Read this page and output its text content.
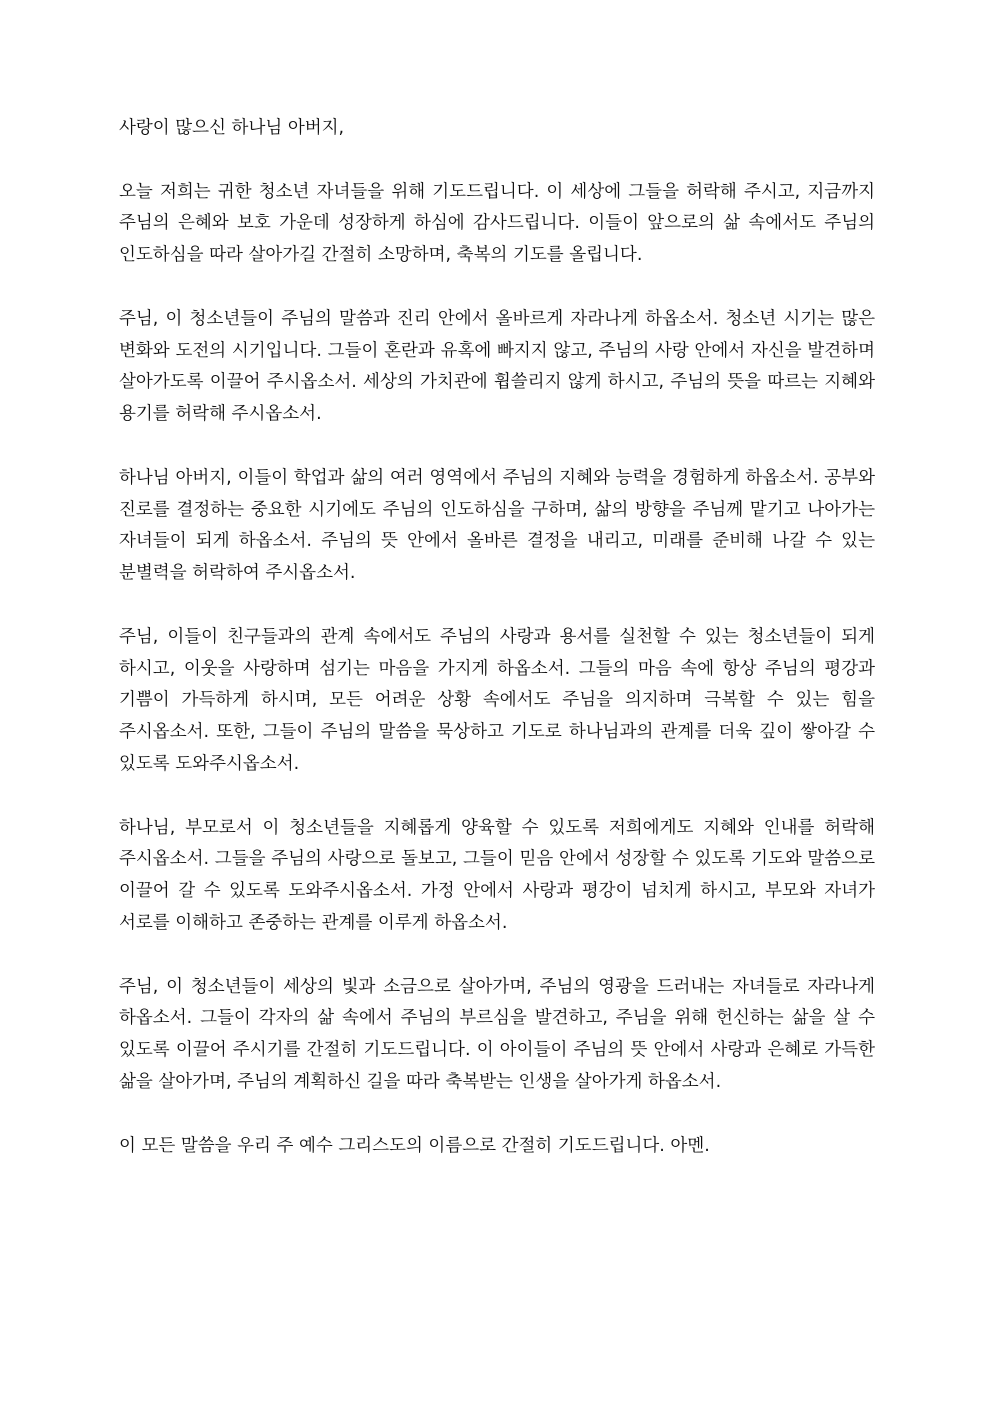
사랑이 많으신 하나님 아버지,

오늘 저희는 귀한 청소년 자녀들을 위해 기도드립니다. 이 세상에 그들을 허락해 주시고, 지금까지 주님의 은혜와 보호 가운데 성장하게 하심에 감사드립니다. 이들이 앞으로의 삶 속에서도 주님의 인도하심을 따라 살아가길 간절히 소망하며, 축복의 기도를 올립니다.

주님, 이 청소년들이 주님의 말씀과 진리 안에서 올바르게 자라나게 하옵소서. 청소년 시기는 많은 변화와 도전의 시기입니다. 그들이 혼란과 유혹에 빠지지 않고, 주님의 사랑 안에서 자신을 발견하며 살아가도록 이끌어 주시옵소서. 세상의 가치관에 휩쓸리지 않게 하시고, 주님의 뜻을 따르는 지혜와 용기를 허락해 주시옵소서.

하나님 아버지, 이들이 학업과 삶의 여러 영역에서 주님의 지혜와 능력을 경험하게 하옵소서. 공부와 진로를 결정하는 중요한 시기에도 주님의 인도하심을 구하며, 삶의 방향을 주님께 맡기고 나아가는 자녀들이 되게 하옵소서. 주님의 뜻 안에서 올바른 결정을 내리고, 미래를 준비해 나갈 수 있는 분별력을 허락하여 주시옵소서.

주님, 이들이 친구들과의 관계 속에서도 주님의 사랑과 용서를 실천할 수 있는 청소년들이 되게 하시고, 이웃을 사랑하며 섬기는 마음을 가지게 하옵소서. 그들의 마음 속에 항상 주님의 평강과 기쁨이 가득하게 하시며, 모든 어려운 상황 속에서도 주님을 의지하며 극복할 수 있는 힘을 주시옵소서. 또한, 그들이 주님의 말씀을 묵상하고 기도로 하나님과의 관계를 더욱 깊이 쌓아갈 수 있도록 도와주시옵소서.

하나님, 부모로서 이 청소년들을 지혜롭게 양육할 수 있도록 저희에게도 지혜와 인내를 허락해 주시옵소서. 그들을 주님의 사랑으로 돌보고, 그들이 믿음 안에서 성장할 수 있도록 기도와 말씀으로 이끌어 갈 수 있도록 도와주시옵소서. 가정 안에서 사랑과 평강이 넘치게 하시고, 부모와 자녀가 서로를 이해하고 존중하는 관계를 이루게 하옵소서.

주님, 이 청소년들이 세상의 빛과 소금으로 살아가며, 주님의 영광을 드러내는 자녀들로 자라나게 하옵소서. 그들이 각자의 삶 속에서 주님의 부르심을 발견하고, 주님을 위해 헌신하는 삶을 살 수 있도록 이끌어 주시기를 간절히 기도드립니다. 이 아이들이 주님의 뜻 안에서 사랑과 은혜로 가득한 삶을 살아가며, 주님의 계획하신 길을 따라 축복받는 인생을 살아가게 하옵소서.

이 모든 말씀을 우리 주 예수 그리스도의 이름으로 간절히 기도드립니다. 아멘.
